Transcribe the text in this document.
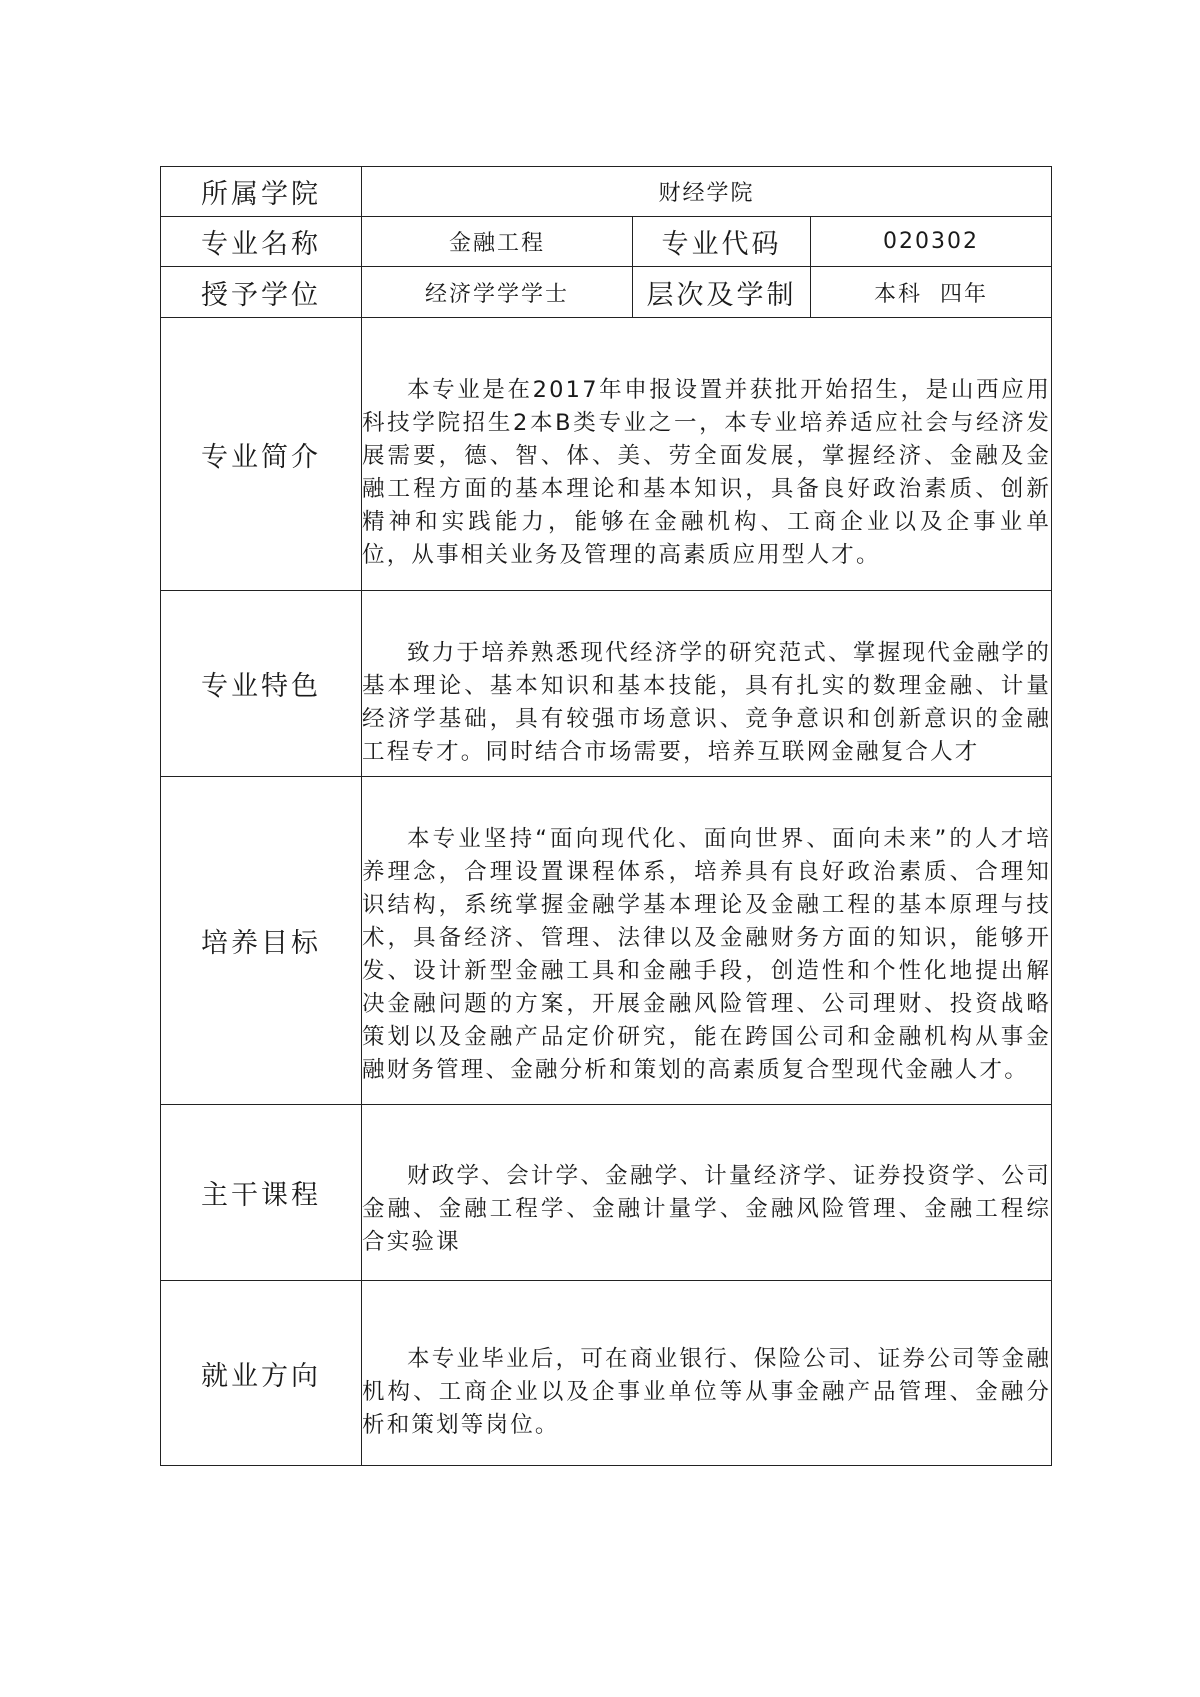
所属学院	财经学院		
专业名称	金融工程	专业代码	020302
授予学位	经济学学学士	层次及学制	本科  四年
专业简介	本专业是在2017年申报设置并获批开始招生，是山西应用科技学院招生2本B类专业之一，本专业培养适应社会与经济发展需要，德、智、体、美、劳全面发展，掌握经济、金融及金融工程方面的基本理论和基本知识，具备良好政治素质、创新精神和实践能力，能够在金融机构、工商企业以及企事业单位，从事相关业务及管理的高素质应用型人才。		

专业特色	致力于培养熟悉现代经济学的研究范式、掌握现代金融学的基本理论、基本知识和基本技能，具有扎实的数理金融、计量经济学基础，具有较强市场意识、竞争意识和创新意识的金融工程专才。同时结合市场需要，培养互联网金融复合人才		

培养目标	本专业坚持“面向现代化、面向世界、面向未来”的人才培养理念，合理设置课程体系，培养具有良好政治素质、合理知识结构，系统掌握金融学基本理论及金融工程的基本原理与技术，具备经济、管理、法律以及金融财务方面的知识，能够开发、设计新型金融工具和金融手段，创造性和个性化地提出解决金融问题的方案，开展金融风险管理、公司理财、投资战略策划以及金融产品定价研究，能在跨国公司和金融机构从事金融财务管理、金融分析和策划的高素质复合型现代金融人才。		

主干课程	财政学、会计学、金融学、计量经济学、证券投资学、公司金融、金融工程学、金融计量学、金融风险管理、金融工程综合实验课		

就业方向	本专业毕业后，可在商业银行、保险公司、证券公司等金融机构、工商企业以及企事业单位等从事金融产品管理、金融分析和策划等岗位。		
